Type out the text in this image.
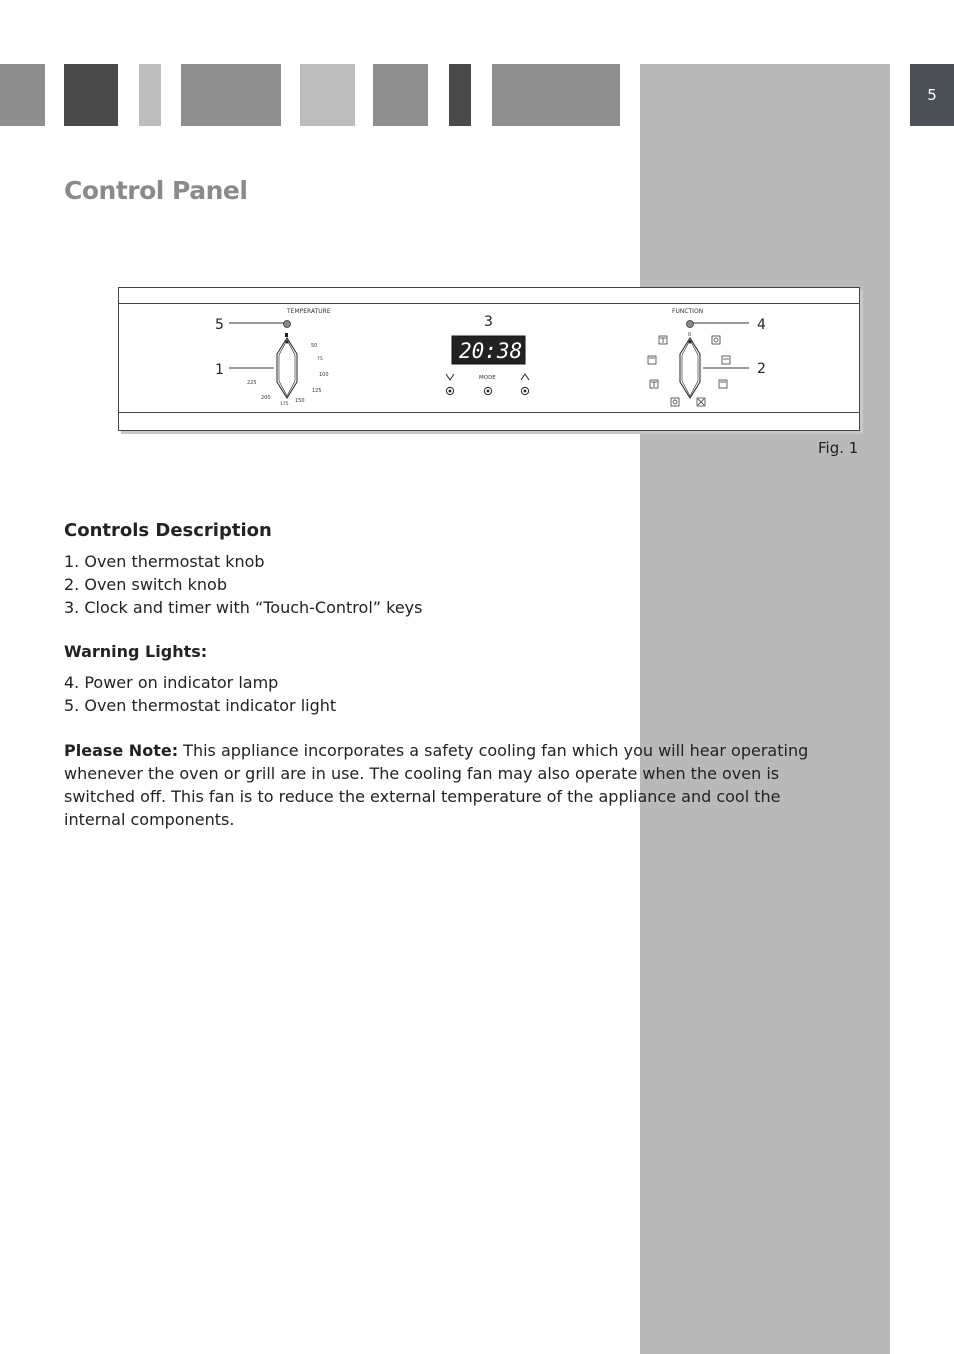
5
Control Panel
TEMPERATURE
5
1
50
75
100
125
150
175
200
225
3
20:38
MODE
FUNCTION
4
0
2
Fig. 1
Controls Description
1. Oven thermostat knob
2. Oven switch knob
3. Clock and timer with “Touch-Control” keys
Warning Lights:
4. Power on indicator lamp
5. Oven thermostat indicator light
Please Note: This appliance incorporates a safety cooling fan which you will hear operating whenever the oven or grill are in use. The cooling fan may also operate when the oven is switched off. This fan is to reduce the external temperature of the appliance and cool the internal components.
